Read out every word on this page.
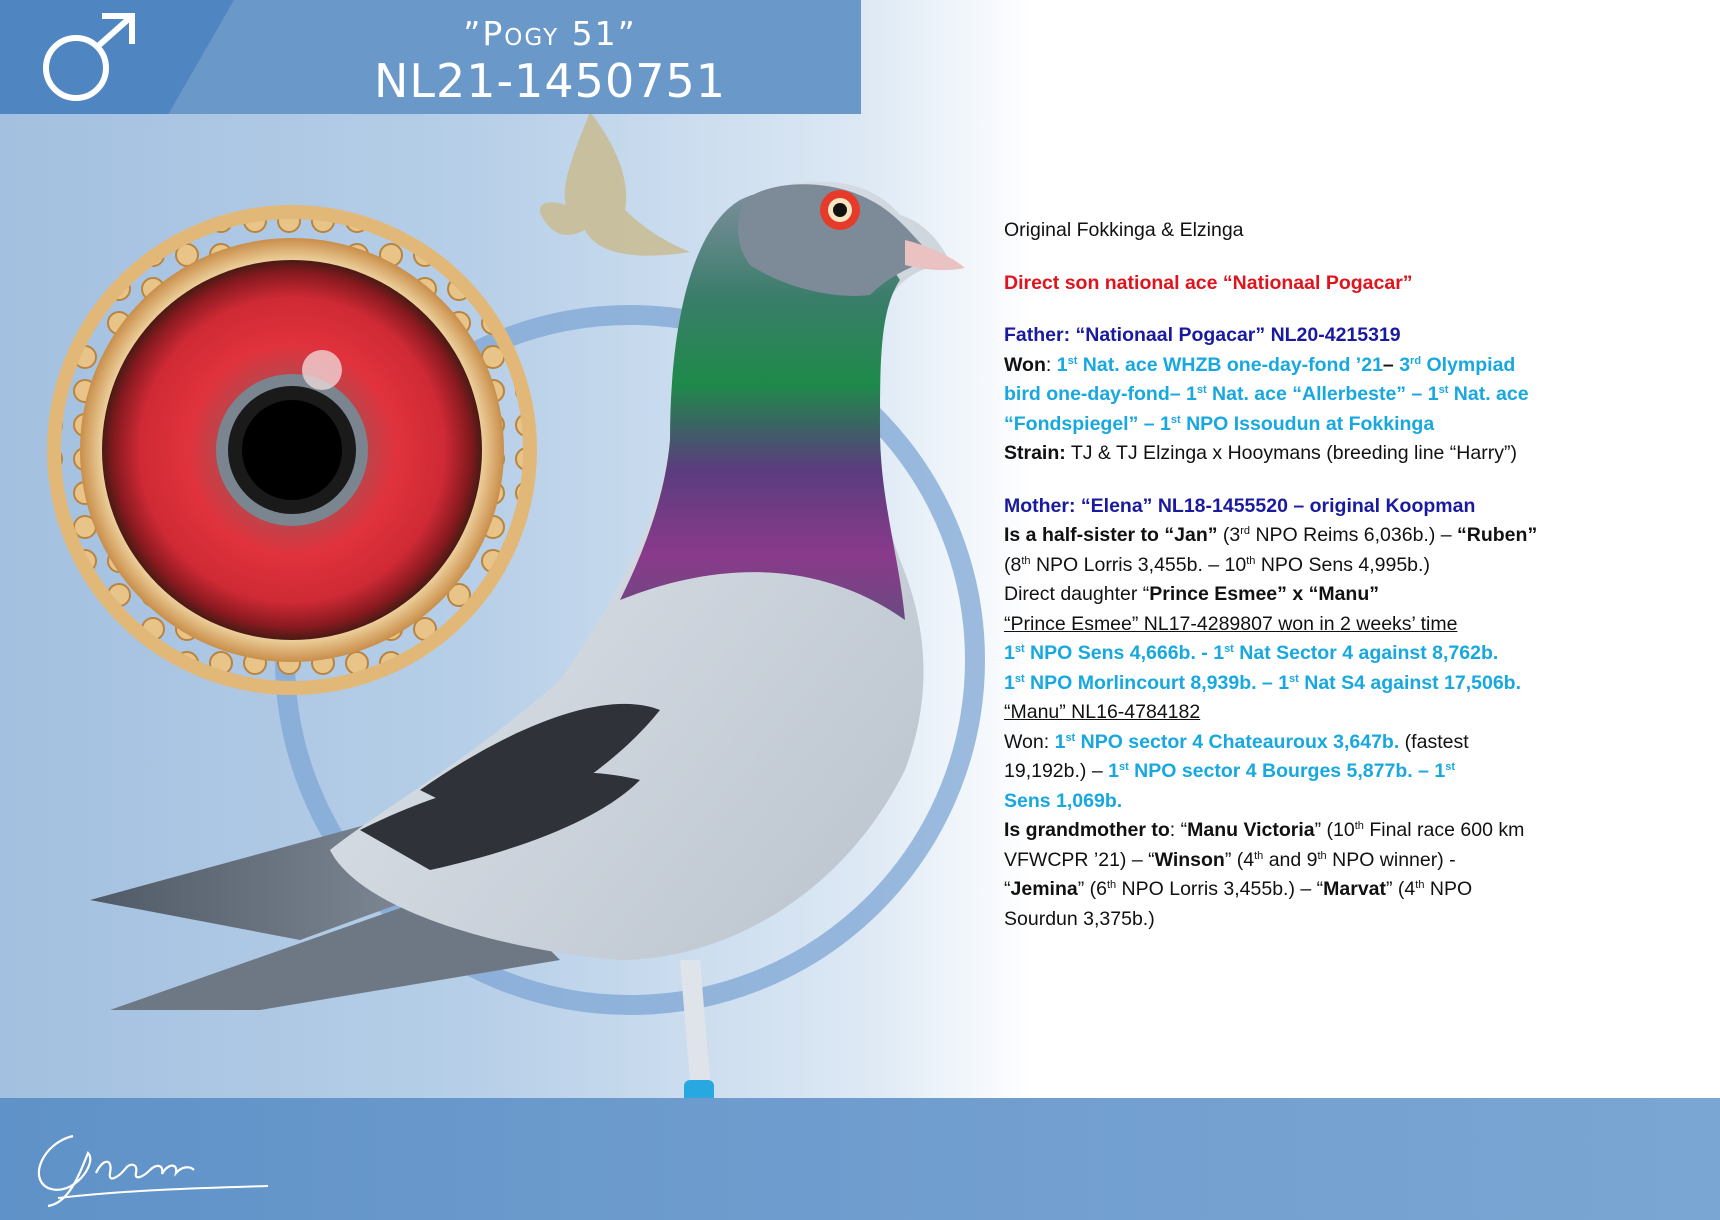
”Pogy 51”
NL21-1450751

Original Fokkinga & Elzinga

Direct son national ace “Nationaal Pogacar”

Father: “Nationaal Pogacar” NL20-4215319

Won: 1st Nat. ace WHZB one-day-fond ’21– 3rd Olympiad

bird one-day-fond– 1st Nat. ace “Allerbeste” – 1st Nat. ace

“Fondspiegel” – 1st NPO Issoudun at Fokkinga

Strain: TJ & TJ Elzinga x Hooymans (breeding line “Harry”)

Mother: “Elena” NL18-1455520 – original Koopman

Is a half-sister to “Jan” (3rd NPO Reims 6,036b.) – “Ruben”

(8th NPO Lorris 3,455b. – 10th NPO Sens 4,995b.)

Direct daughter “Prince Esmee” x “Manu”

“Prince Esmee” NL17-4289807 won in 2 weeks’ time

1st NPO Sens 4,666b. - 1st Nat Sector 4 against 8,762b.

1st NPO Morlincourt 8,939b. – 1st Nat S4 against 17,506b.

“Manu” NL16-4784182

Won: 1st NPO sector 4 Chateauroux 3,647b. (fastest

19,192b.) – 1st NPO sector 4 Bourges 5,877b. – 1st

Sens 1,069b.

Is grandmother to: “Manu Victoria” (10th Final race 600 km

VFWCPR ’21) – “Winson” (4th and 9th NPO winner) -

“Jemina” (6th NPO Lorris 3,455b.) – “Marvat” (4th NPO

Sourdun 3,375b.)
